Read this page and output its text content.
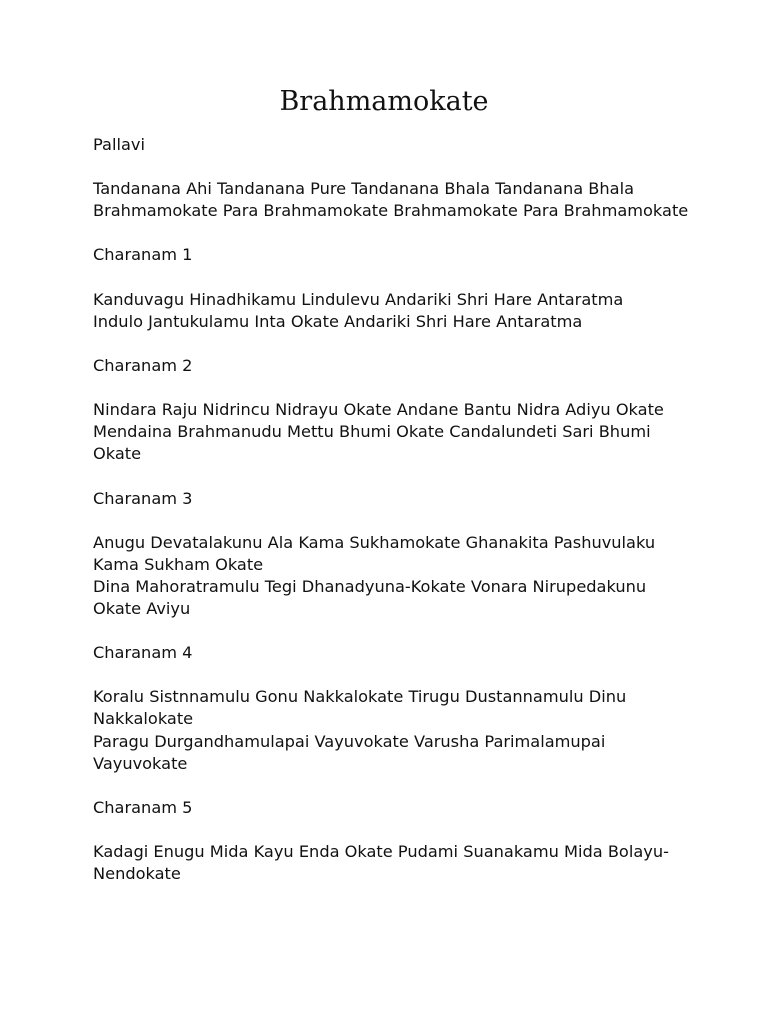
Brahmamokate

Pallavi

Tandanana Ahi Tandanana Pure Tandanana Bhala Tandanana Bhala Brahmamokate Para Brahmamokate Brahmamokate Para Brahmamokate

Charanam 1

Kanduvagu Hinadhikamu Lindulevu Andariki Shri Hare Antaratma
Indulo Jantukulamu Inta Okate Andariki Shri Hare Antaratma

Charanam 2

Nindara Raju Nidrincu Nidrayu Okate Andane Bantu Nidra Adiyu Okate
Mendaina Brahmanudu Mettu Bhumi Okate Candalundeti Sari Bhumi Okate

Charanam 3

Anugu Devatalakunu Ala Kama Sukhamokate Ghanakita Pashuvulaku Kama Sukham Okate
Dina Mahoratramulu Tegi Dhanadyuna-Kokate Vonara Nirupedakunu Okate Aviyu

Charanam 4

Koralu Sistnnamulu Gonu Nakkalokate Tirugu Dustannamulu Dinu Nakkalokate
Paragu Durgandhamulapai Vayuvokate Varusha Parimalamupai Vayuvokate

Charanam 5

Kadagi Enugu Mida Kayu Enda Okate Pudami Suanakamu Mida Bolayu-Nendokate
